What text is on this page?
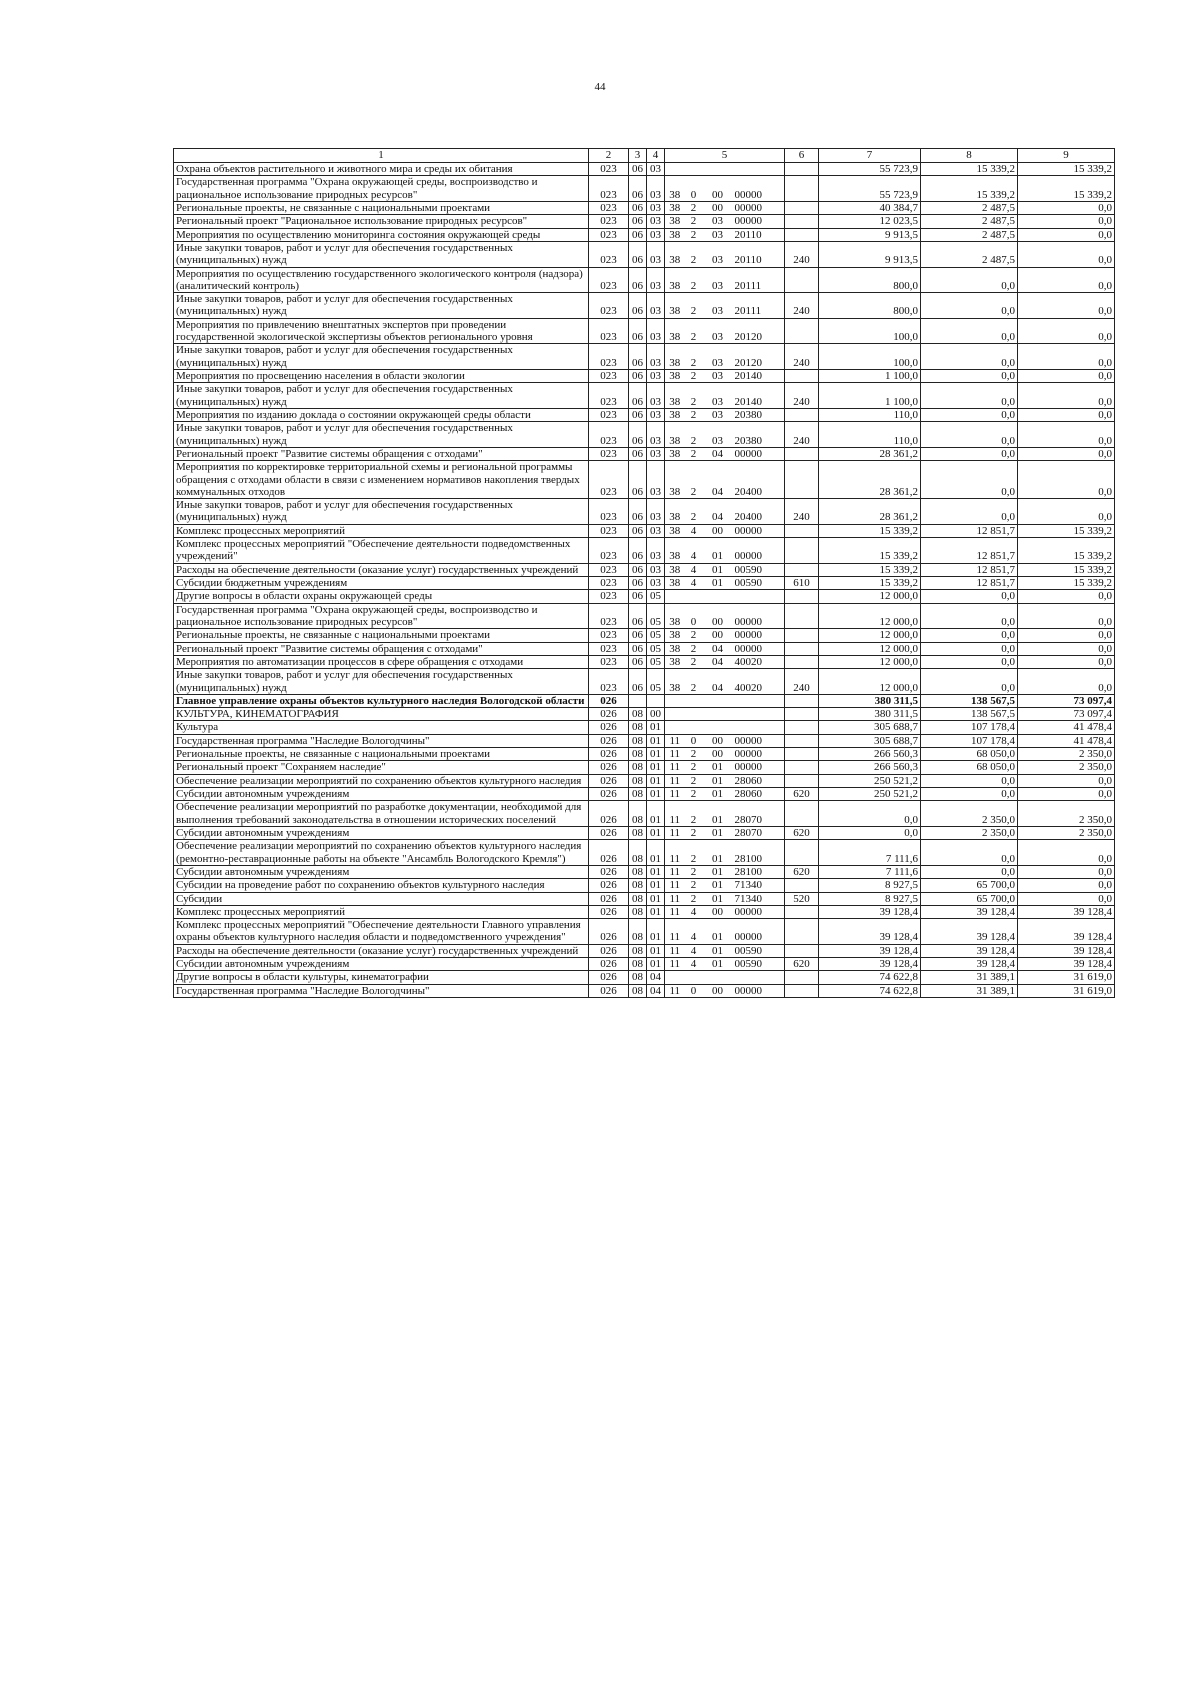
44
1	2	3	4	5				6	7	8	9
Охрана объектов растительного и животного мира и среды их обитания	023	06	03						55 723,9	15 339,2	15 339,2
Государственная программа "Охрана окружающей среды, воспроизводство и рациональное использование природных ресурсов"	023	06	03	38	0	00	00000		55 723,9	15 339,2	15 339,2
Региональные проекты, не связанные с национальными проектами	023	06	03	38	2	00	00000		40 384,7	2 487,5	0,0
Региональный проект "Рациональное использование природных ресурсов"	023	06	03	38	2	03	00000		12 023,5	2 487,5	0,0
Мероприятия по осуществлению мониторинга состояния окружающей среды	023	06	03	38	2	03	20110		9 913,5	2 487,5	0,0
Иные закупки товаров, работ и услуг для обеспечения государственных (муниципальных) нужд	023	06	03	38	2	03	20110	240	9 913,5	2 487,5	0,0
Мероприятия по осуществлению государственного экологического контроля (надзора) (аналитический контроль)	023	06	03	38	2	03	20111		800,0	0,0	0,0
Иные закупки товаров, работ и услуг для обеспечения государственных (муниципальных) нужд	023	06	03	38	2	03	20111	240	800,0	0,0	0,0
Мероприятия по привлечению внештатных экспертов при проведении государственной экологической экспертизы объектов регионального уровня	023	06	03	38	2	03	20120		100,0	0,0	0,0
Иные закупки товаров, работ и услуг для обеспечения государственных (муниципальных) нужд	023	06	03	38	2	03	20120	240	100,0	0,0	0,0
Мероприятия по просвещению населения в области экологии	023	06	03	38	2	03	20140		1 100,0	0,0	0,0
Иные закупки товаров, работ и услуг для обеспечения государственных (муниципальных) нужд	023	06	03	38	2	03	20140	240	1 100,0	0,0	0,0
Мероприятия по изданию доклада о состоянии окружающей среды области	023	06	03	38	2	03	20380		110,0	0,0	0,0
Иные закупки товаров, работ и услуг для обеспечения государственных (муниципальных) нужд	023	06	03	38	2	03	20380	240	110,0	0,0	0,0
Региональный проект "Развитие системы обращения с отходами"	023	06	03	38	2	04	00000		28 361,2	0,0	0,0
Мероприятия по корректировке территориальной схемы и региональной программы обращения с отходами области в связи с изменением нормативов накопления твердых коммунальных отходов	023	06	03	38	2	04	20400		28 361,2	0,0	0,0
Иные закупки товаров, работ и услуг для обеспечения государственных (муниципальных) нужд	023	06	03	38	2	04	20400	240	28 361,2	0,0	0,0
Комплекс процессных мероприятий	023	06	03	38	4	00	00000		15 339,2	12 851,7	15 339,2
Комплекс процессных мероприятий "Обеспечение деятельности подведомственных учреждений"	023	06	03	38	4	01	00000		15 339,2	12 851,7	15 339,2
Расходы на обеспечение деятельности (оказание услуг) государственных учреждений	023	06	03	38	4	01	00590		15 339,2	12 851,7	15 339,2
Субсидии бюджетным учреждениям	023	06	03	38	4	01	00590	610	15 339,2	12 851,7	15 339,2
Другие вопросы в области охраны окружающей среды	023	06	05						12 000,0	0,0	0,0
Государственная программа "Охрана окружающей среды, воспроизводство и рациональное использование природных ресурсов"	023	06	05	38	0	00	00000		12 000,0	0,0	0,0
Региональные проекты, не связанные с национальными проектами	023	06	05	38	2	00	00000		12 000,0	0,0	0,0
Региональный проект "Развитие системы обращения с отходами"	023	06	05	38	2	04	00000		12 000,0	0,0	0,0
Мероприятия по автоматизации процессов в сфере обращения с отходами	023	06	05	38	2	04	40020		12 000,0	0,0	0,0
Иные закупки товаров, работ и услуг для обеспечения государственных (муниципальных) нужд	023	06	05	38	2	04	40020	240	12 000,0	0,0	0,0
Главное управление охраны объектов культурного наследия Вологодской области	026								380 311,5	138 567,5	73 097,4
КУЛЬТУРА, КИНЕМАТОГРАФИЯ	026	08	00						380 311,5	138 567,5	73 097,4
Культура	026	08	01						305 688,7	107 178,4	41 478,4
Государственная программа "Наследие Вологодчины"	026	08	01	11	0	00	00000		305 688,7	107 178,4	41 478,4
Региональные проекты, не связанные с национальными проектами	026	08	01	11	2	00	00000		266 560,3	68 050,0	2 350,0
Региональный проект "Сохраняем наследие"	026	08	01	11	2	01	00000		266 560,3	68 050,0	2 350,0
Обеспечение реализации мероприятий по сохранению объектов культурного наследия	026	08	01	11	2	01	28060		250 521,2	0,0	0,0
Субсидии автономным учреждениям	026	08	01	11	2	01	28060	620	250 521,2	0,0	0,0
Обеспечение реализации мероприятий по разработке документации, необходимой для выполнения требований законодательства в отношении исторических поселений	026	08	01	11	2	01	28070		0,0	2 350,0	2 350,0
Субсидии автономным учреждениям	026	08	01	11	2	01	28070	620	0,0	2 350,0	2 350,0
Обеспечение реализации мероприятий по сохранению объектов культурного наследия (ремонтно-реставрационные работы на объекте "Ансамбль Вологодского Кремля")	026	08	01	11	2	01	28100		7 111,6	0,0	0,0
Субсидии автономным учреждениям	026	08	01	11	2	01	28100	620	7 111,6	0,0	0,0
Субсидии на проведение работ по сохранению объектов культурного наследия	026	08	01	11	2	01	71340		8 927,5	65 700,0	0,0
Субсидии	026	08	01	11	2	01	71340	520	8 927,5	65 700,0	0,0
Комплекс процессных мероприятий	026	08	01	11	4	00	00000		39 128,4	39 128,4	39 128,4
Комплекс процессных мероприятий "Обеспечение деятельности Главного управления охраны объектов культурного наследия области и подведомственного учреждения"	026	08	01	11	4	01	00000		39 128,4	39 128,4	39 128,4
Расходы на обеспечение деятельности (оказание услуг) государственных учреждений	026	08	01	11	4	01	00590		39 128,4	39 128,4	39 128,4
Субсидии автономным учреждениям	026	08	01	11	4	01	00590	620	39 128,4	39 128,4	39 128,4
Другие вопросы в области культуры, кинематографии	026	08	04						74 622,8	31 389,1	31 619,0
Государственная программа "Наследие Вологодчины"	026	08	04	11	0	00	00000		74 622,8	31 389,1	31 619,0
